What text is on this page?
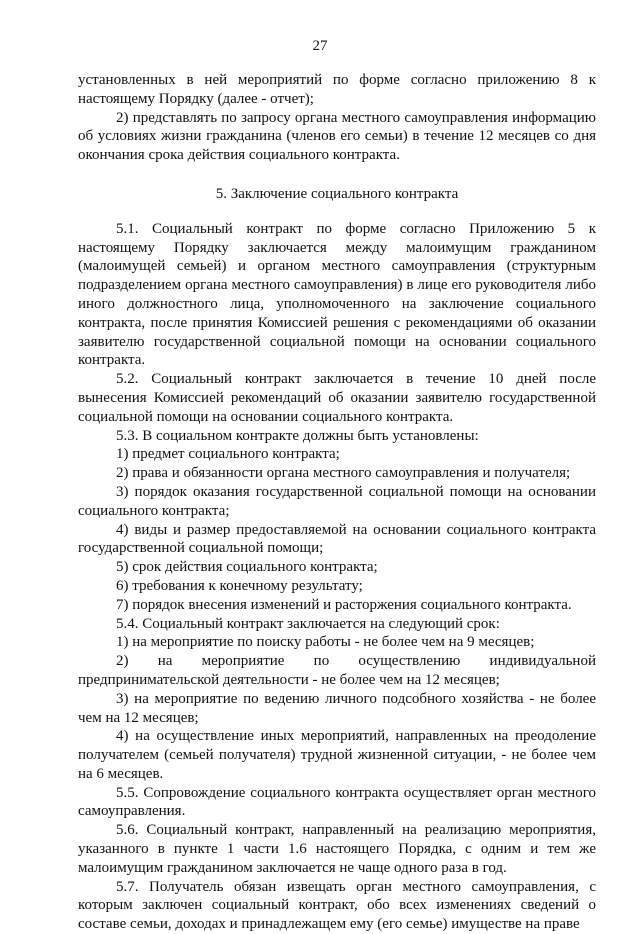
27

установленных в ней мероприятий по форме согласно приложению 8 к настоящему Порядку (далее - отчет);

2) представлять по запросу органа местного самоуправления информацию об условиях жизни гражданина (членов его семьи) в течение 12 месяцев со дня окончания срока действия социального контракта.

5. Заключение социального контракта

5.1. Социальный контракт по форме согласно Приложению 5 к настоящему Порядку заключается между малоимущим гражданином (малоимущей семьей) и органом местного самоуправления (структурным подразделением органа местного самоуправления) в лице его руководителя либо иного должностного лица, уполномоченного на заключение социального контракта, после принятия Комиссией решения с рекомендациями об оказании заявителю государственной социальной помощи на основании социального контракта.

5.2. Социальный контракт заключается в течение 10 дней после вынесения Комиссией рекомендаций об оказании заявителю государственной социальной помощи на основании социального контракта.

5.3. В социальном контракте должны быть установлены:

1) предмет социального контракта;

2) права и обязанности органа местного самоуправления и получателя;

3) порядок оказания государственной социальной помощи на основании социального контракта;

4) виды и размер предоставляемой на основании социального контракта государственной социальной помощи;

5) срок действия социального контракта;

6) требования к конечному результату;

7) порядок внесения изменений и расторжения социального контракта.

5.4. Социальный контракт заключается на следующий срок:

1) на мероприятие по поиску работы - не более чем на 9 месяцев;

2) на мероприятие по осуществлению индивидуальной предпринимательской деятельности - не более чем на 12 месяцев;

3) на мероприятие по ведению личного подсобного хозяйства - не более чем на 12 месяцев;

4) на осуществление иных мероприятий, направленных на преодоление получателем (семьей получателя) трудной жизненной ситуации, - не более чем на 6 месяцев.

5.5. Сопровождение социального контракта осуществляет орган местного самоуправления.

5.6. Социальный контракт, направленный на реализацию мероприятия, указанного в пункте 1 части 1.6 настоящего Порядка, с одним и тем же малоимущим гражданином заключается не чаще одного раза в год.

5.7. Получатель обязан извещать орган местного самоуправления, с которым заключен социальный контракт, обо всех изменениях сведений о составе семьи, доходах и принадлежащем ему (его семье) имуществе на праве
